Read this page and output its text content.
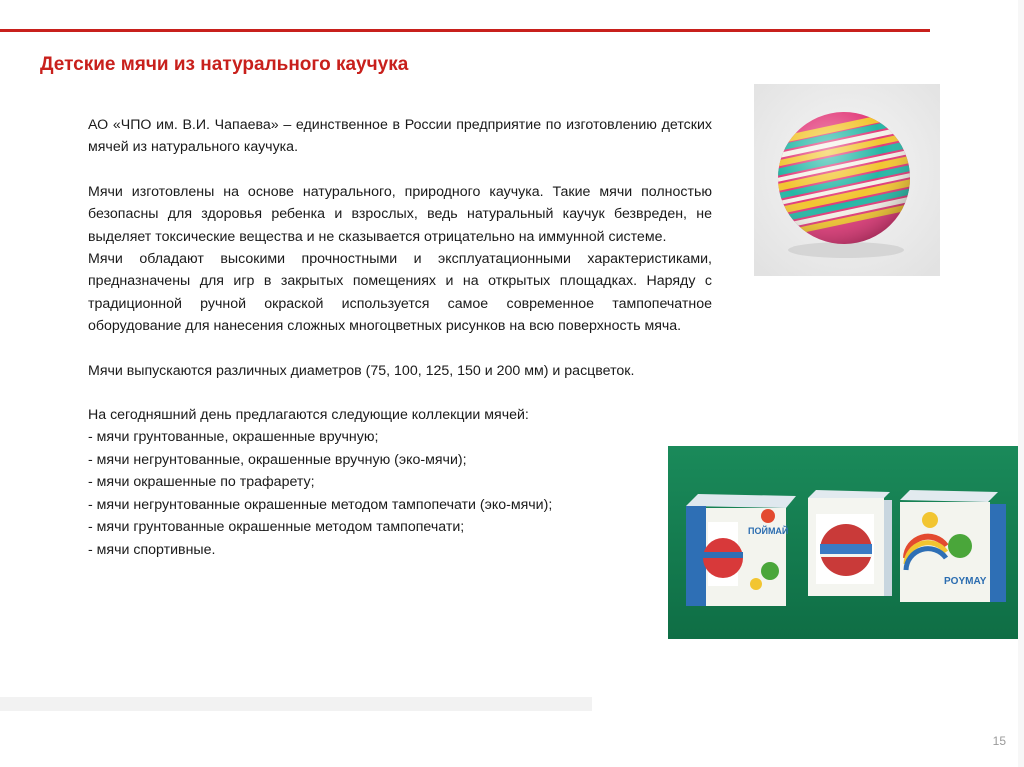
Детские мячи из натурального каучука

АО «ЧПО им. В.И. Чапаева» – единственное в России предприятие по изготовлению детских мячей из натурального каучука.

Мячи изготовлены на основе натурального, природного каучука. Такие мячи полностью безопасны для здоровья ребенка и взрослых, ведь натуральный каучук безвреден, не выделяет токсические вещества и не сказывается отрицательно на иммунной системе.

Мячи обладают высокими прочностными и эксплуатационными характеристиками, предназначены для игр в закрытых помещениях и на открытых площадках. Наряду с традиционной ручной окраской используется самое современное тампопечатное оборудование для нанесения сложных многоцветных рисунков на всю поверхность мяча.

Мячи выпускаются различных диаметров (75, 100, 125, 150 и 200 мм) и расцветок.

На сегодняшний день предлагаются следующие коллекции мячей:

- мячи грунтованные, окрашенные вручную;
- мячи негрунтованные, окрашенные вручную (эко-мячи);
- мячи окрашенные по трафарету;
- мячи негрунтованные окрашенные методом тампопечати (эко-мячи);
- мячи грунтованные окрашенные методом тампопечати;
- мячи спортивные.
ПОЙМАЙ
POYMAY
15
